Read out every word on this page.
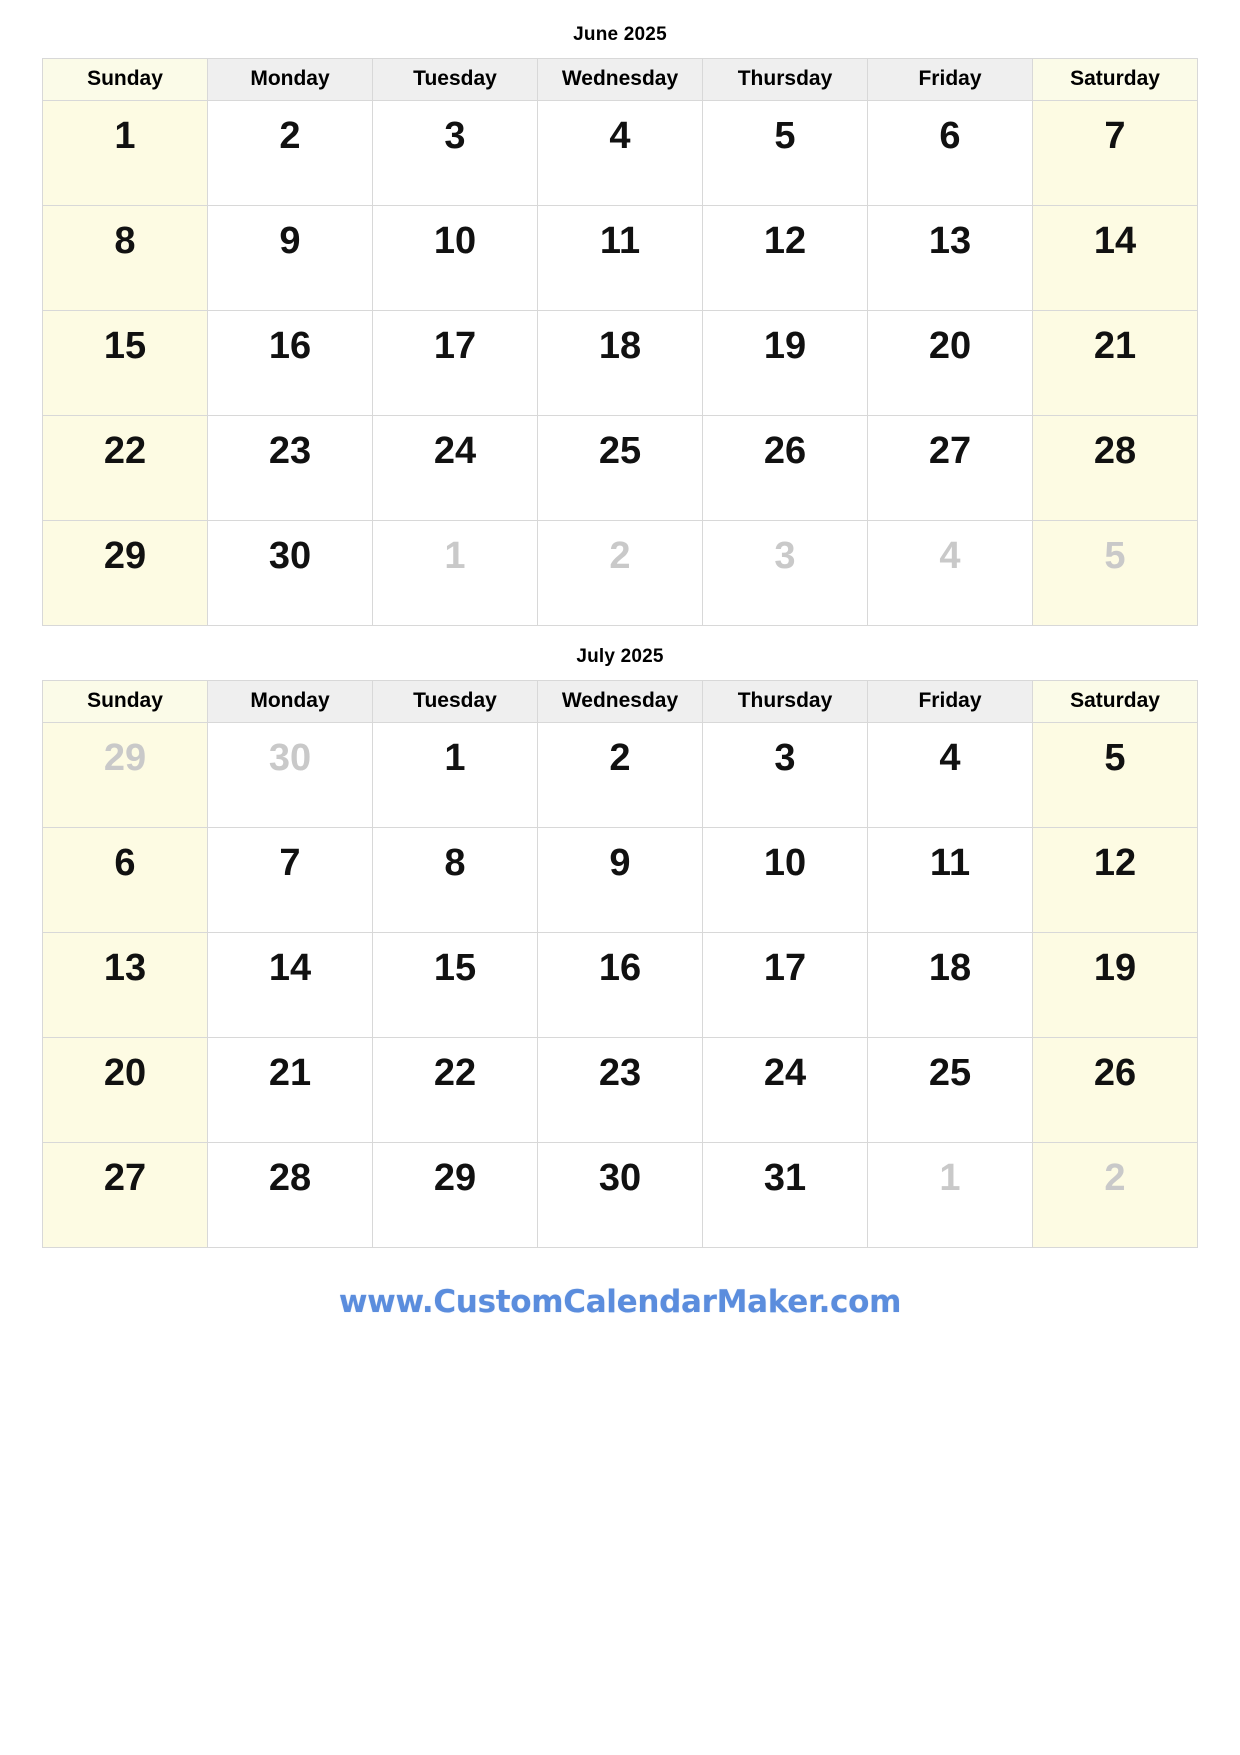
June 2025
Sunday	Monday	Tuesday	Wednesday	Thursday	Friday	Saturday

1	2	3	4	5	6	7

8	9	10	11	12	13	14

15	16	17	18	19	20	21

22	23	24	25	26	27	28

29	30	1	2	3	4	5
July 2025
Sunday	Monday	Tuesday	Wednesday	Thursday	Friday	Saturday

29	30	1	2	3	4	5

6	7	8	9	10	11	12

13	14	15	16	17	18	19

20	21	22	23	24	25	26

27	28	29	30	31	1	2
www.CustomCalendarMaker.com
